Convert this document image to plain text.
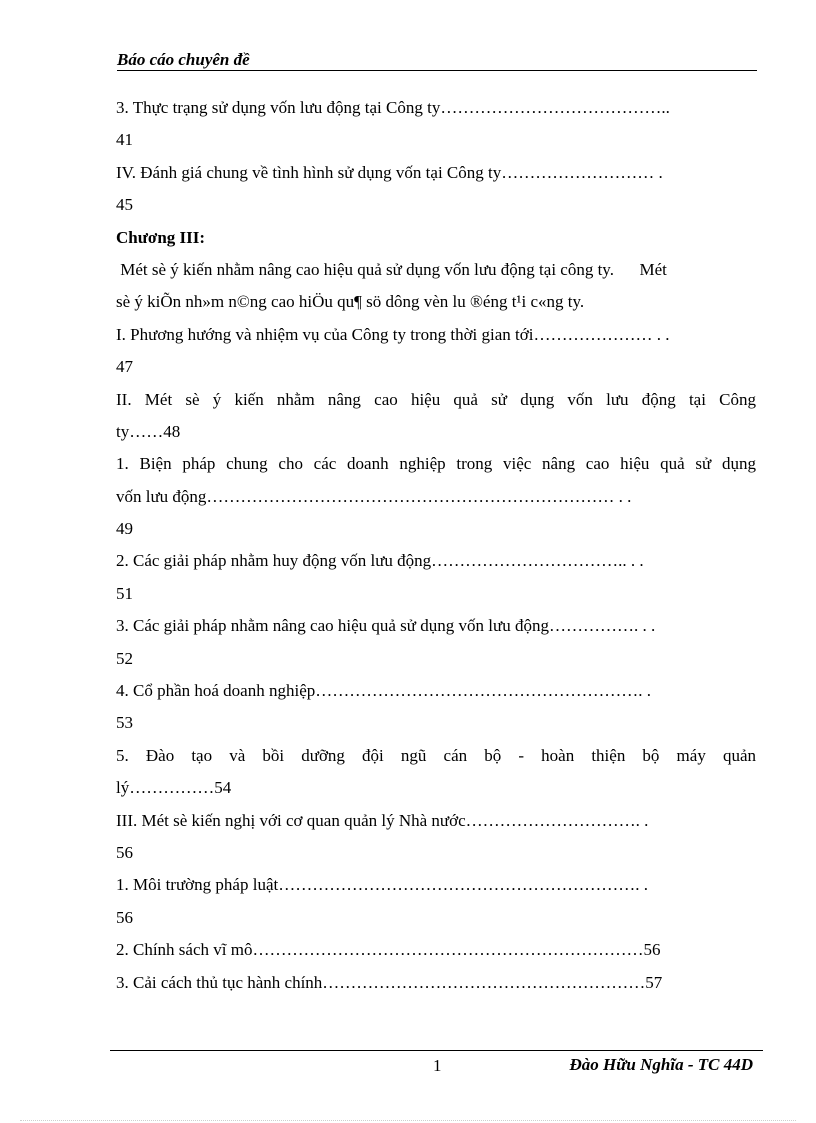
Báo cáo chuyên đề
3. Thực trạng sử dụng vốn lưu động tại Công ty…………………………………..
41
IV. Đánh giá chung về tình hình sử dụng vốn tại Công ty……………………… .
45
Chương III:
Mét sè ý kiến nhằm nâng cao hiệu quả sử dụng vốn lưu động tại công ty.      Mét
sè ý kiÕn nh»m n©ng cao hiÖu qu¶ sö dông vèn lu ®éng t¹i c«ng ty.
I. Phương hướng và nhiệm vụ của Công ty trong thời gian tới………………… . .
47
II. Mét sè ý kiến nhằm nâng cao hiệu quả sử dụng vốn lưu động tại Công
ty……48
1. Biện pháp chung cho các doanh nghiệp trong việc nâng cao hiệu quả sử dụng
vốn lưu động……………………………………………………………… . .
49
2. Các giải pháp nhằm huy động vốn lưu động…………………………….. . .
51
3. Các giải pháp nhằm nâng cao hiệu quả sử dụng vốn lưu động……………. . .
52
4. Cổ phần hoá doanh nghiệp…………………………………………………. .
53
5. Đào tạo và bồi dưỡng đội ngũ cán bộ - hoàn thiện bộ máy quản
lý……………54
III. Mét sè kiến nghị với cơ quan quản lý Nhà nước…………………………. .
56
1. Môi trường pháp luật………………………………………………………. .
56
2. Chính sách vĩ mô……………………………………………………………56
3. Cải cách thủ tục hành chính…………………………………………………57
1	Đào Hữu Nghĩa - TC 44D
